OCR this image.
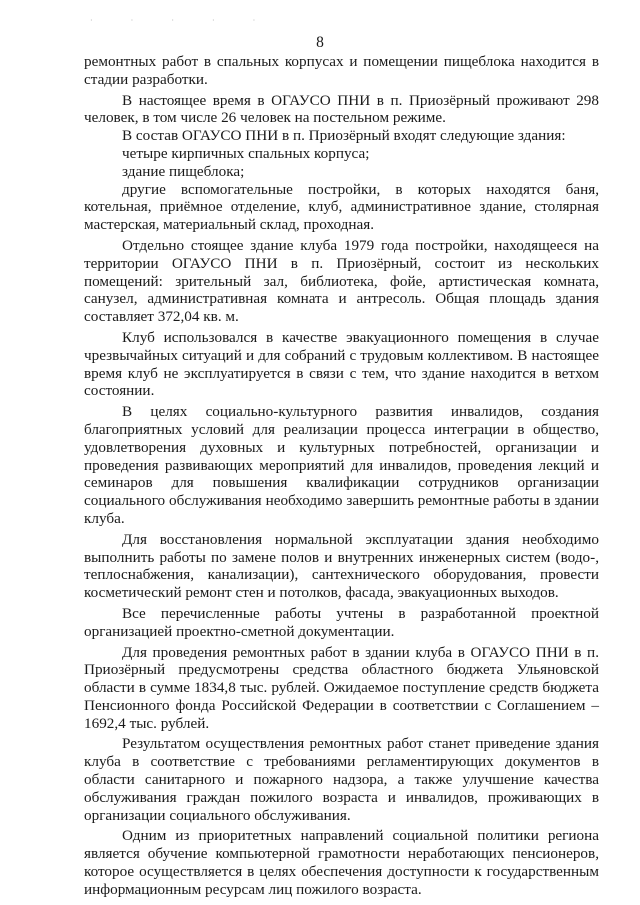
· · · · ·
8

ремонтных работ в спальных корпусах и помещении пищеблока находится в стадии разработки.

В настоящее время в ОГАУСО ПНИ в п. Приозёрный проживают 298 человек, в том числе 26 человек на постельном режиме.

В состав ОГАУСО ПНИ в п. Приозёрный входят следующие здания:

четыре кирпичных спальных корпуса;

здание пищеблока;

другие вспомогательные постройки, в которых находятся баня, котельная, приёмное отделение, клуб, административное здание, столярная мастерская, материальный склад, проходная.

Отдельно стоящее здание клуба 1979 года постройки, находящееся на территории ОГАУСО ПНИ в п. Приозёрный, состоит из нескольких помещений: зрительный зал, библиотека, фойе, артистическая комната, санузел, административная комната и антресоль. Общая площадь здания составляет 372,04 кв. м.

Клуб использовался в качестве эвакуационного помещения в случае чрезвычайных ситуаций и для собраний с трудовым коллективом. В настоящее время клуб не эксплуатируется в связи с тем, что здание находится в ветхом состоянии.

В целях социально-культурного развития инвалидов, создания благоприятных условий для реализации процесса интеграции в общество, удовлетворения духовных и культурных потребностей, организации и проведения развивающих мероприятий для инвалидов, проведения лекций и семинаров для повышения квалификации сотрудников организации социального обслуживания необходимо завершить ремонтные работы в здании клуба.

Для восстановления нормальной эксплуатации здания необходимо выполнить работы по замене полов и внутренних инженерных систем (водо-, теплоснабжения, канализации), сантехнического оборудования, провести косметический ремонт стен и потолков, фасада, эвакуационных выходов.

Все перечисленные работы учтены в разработанной проектной организацией проектно-сметной документации.

Для проведения ремонтных работ в здании клуба в ОГАУСО ПНИ в п. Приозёрный предусмотрены средства областного бюджета Ульяновской области в сумме 1834,8 тыс. рублей. Ожидаемое поступление средств бюджета Пенсионного фонда Российской Федерации в соответствии с Соглашением – 1692,4 тыс. рублей.

Результатом осуществления ремонтных работ станет приведение здания клуба в соответствие с требованиями регламентирующих документов в области санитарного и пожарного надзора, а также улучшение качества обслуживания граждан пожилого возраста и инвалидов, проживающих в организации социального обслуживания.

Одним из приоритетных направлений социальной политики региона является обучение компьютерной грамотности неработающих пенсионеров, которое осуществляется в целях обеспечения доступности к государственным информационным ресурсам лиц пожилого возраста.
